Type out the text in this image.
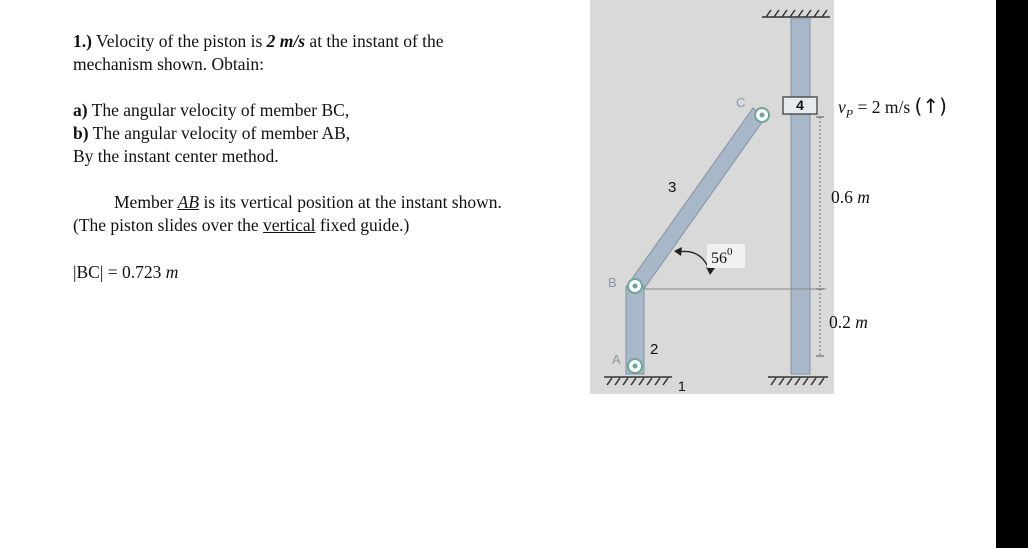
1.) Velocity of the piston is 2 m/s at the instant of the
mechanism shown. Obtain:
a) The angular velocity of member BC,
b) The angular velocity of member AB,
By the instant center method.
Member AB is its vertical position at the instant shown.
(The piston slides over the vertical fixed guide.)
|BC| = 0.723 m
C	4
3
$56^0$
B
A
2
1
$v_P = 2$ m/s (↑)
0.6 m
0.2 m
